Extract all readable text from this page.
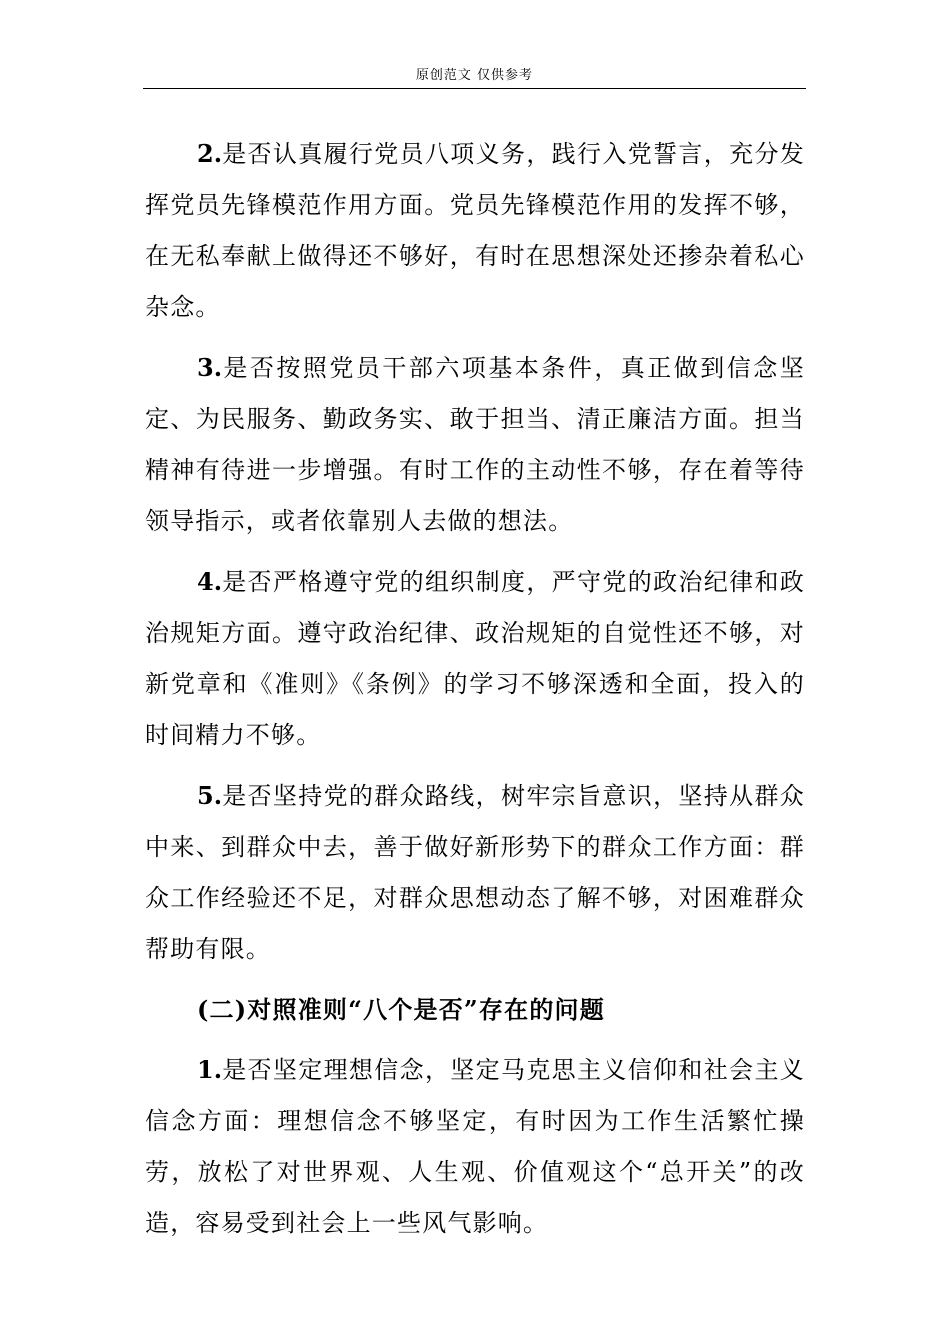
原创范文 仅供参考

2.是否认真履行党员八项义务，践行入党誓言，充分发挥党员先锋模范作用方面。党员先锋模范作用的发挥不够，在无私奉献上做得还不够好，有时在思想深处还掺杂着私心杂念。

3.是否按照党员干部六项基本条件，真正做到信念坚定、为民服务、勤政务实、敢于担当、清正廉洁方面。担当精神有待进一步增强。有时工作的主动性不够，存在着等待领导指示，或者依靠别人去做的想法。

4.是否严格遵守党的组织制度，严守党的政治纪律和政治规矩方面。遵守政治纪律、政治规矩的自觉性还不够，对新党章和《准则》《条例》的学习不够深透和全面，投入的时间精力不够。

5.是否坚持党的群众路线，树牢宗旨意识，坚持从群众中来、到群众中去，善于做好新形势下的群众工作方面：群众工作经验还不足，对群众思想动态了解不够，对困难群众帮助有限。

(二)对照准则“八个是否”存在的问题

1.是否坚定理想信念，坚定马克思主义信仰和社会主义信念方面：理想信念不够坚定，有时因为工作生活繁忙操劳，放松了对世界观、人生观、价值观这个“总开关”的改造，容易受到社会上一些风气影响。
